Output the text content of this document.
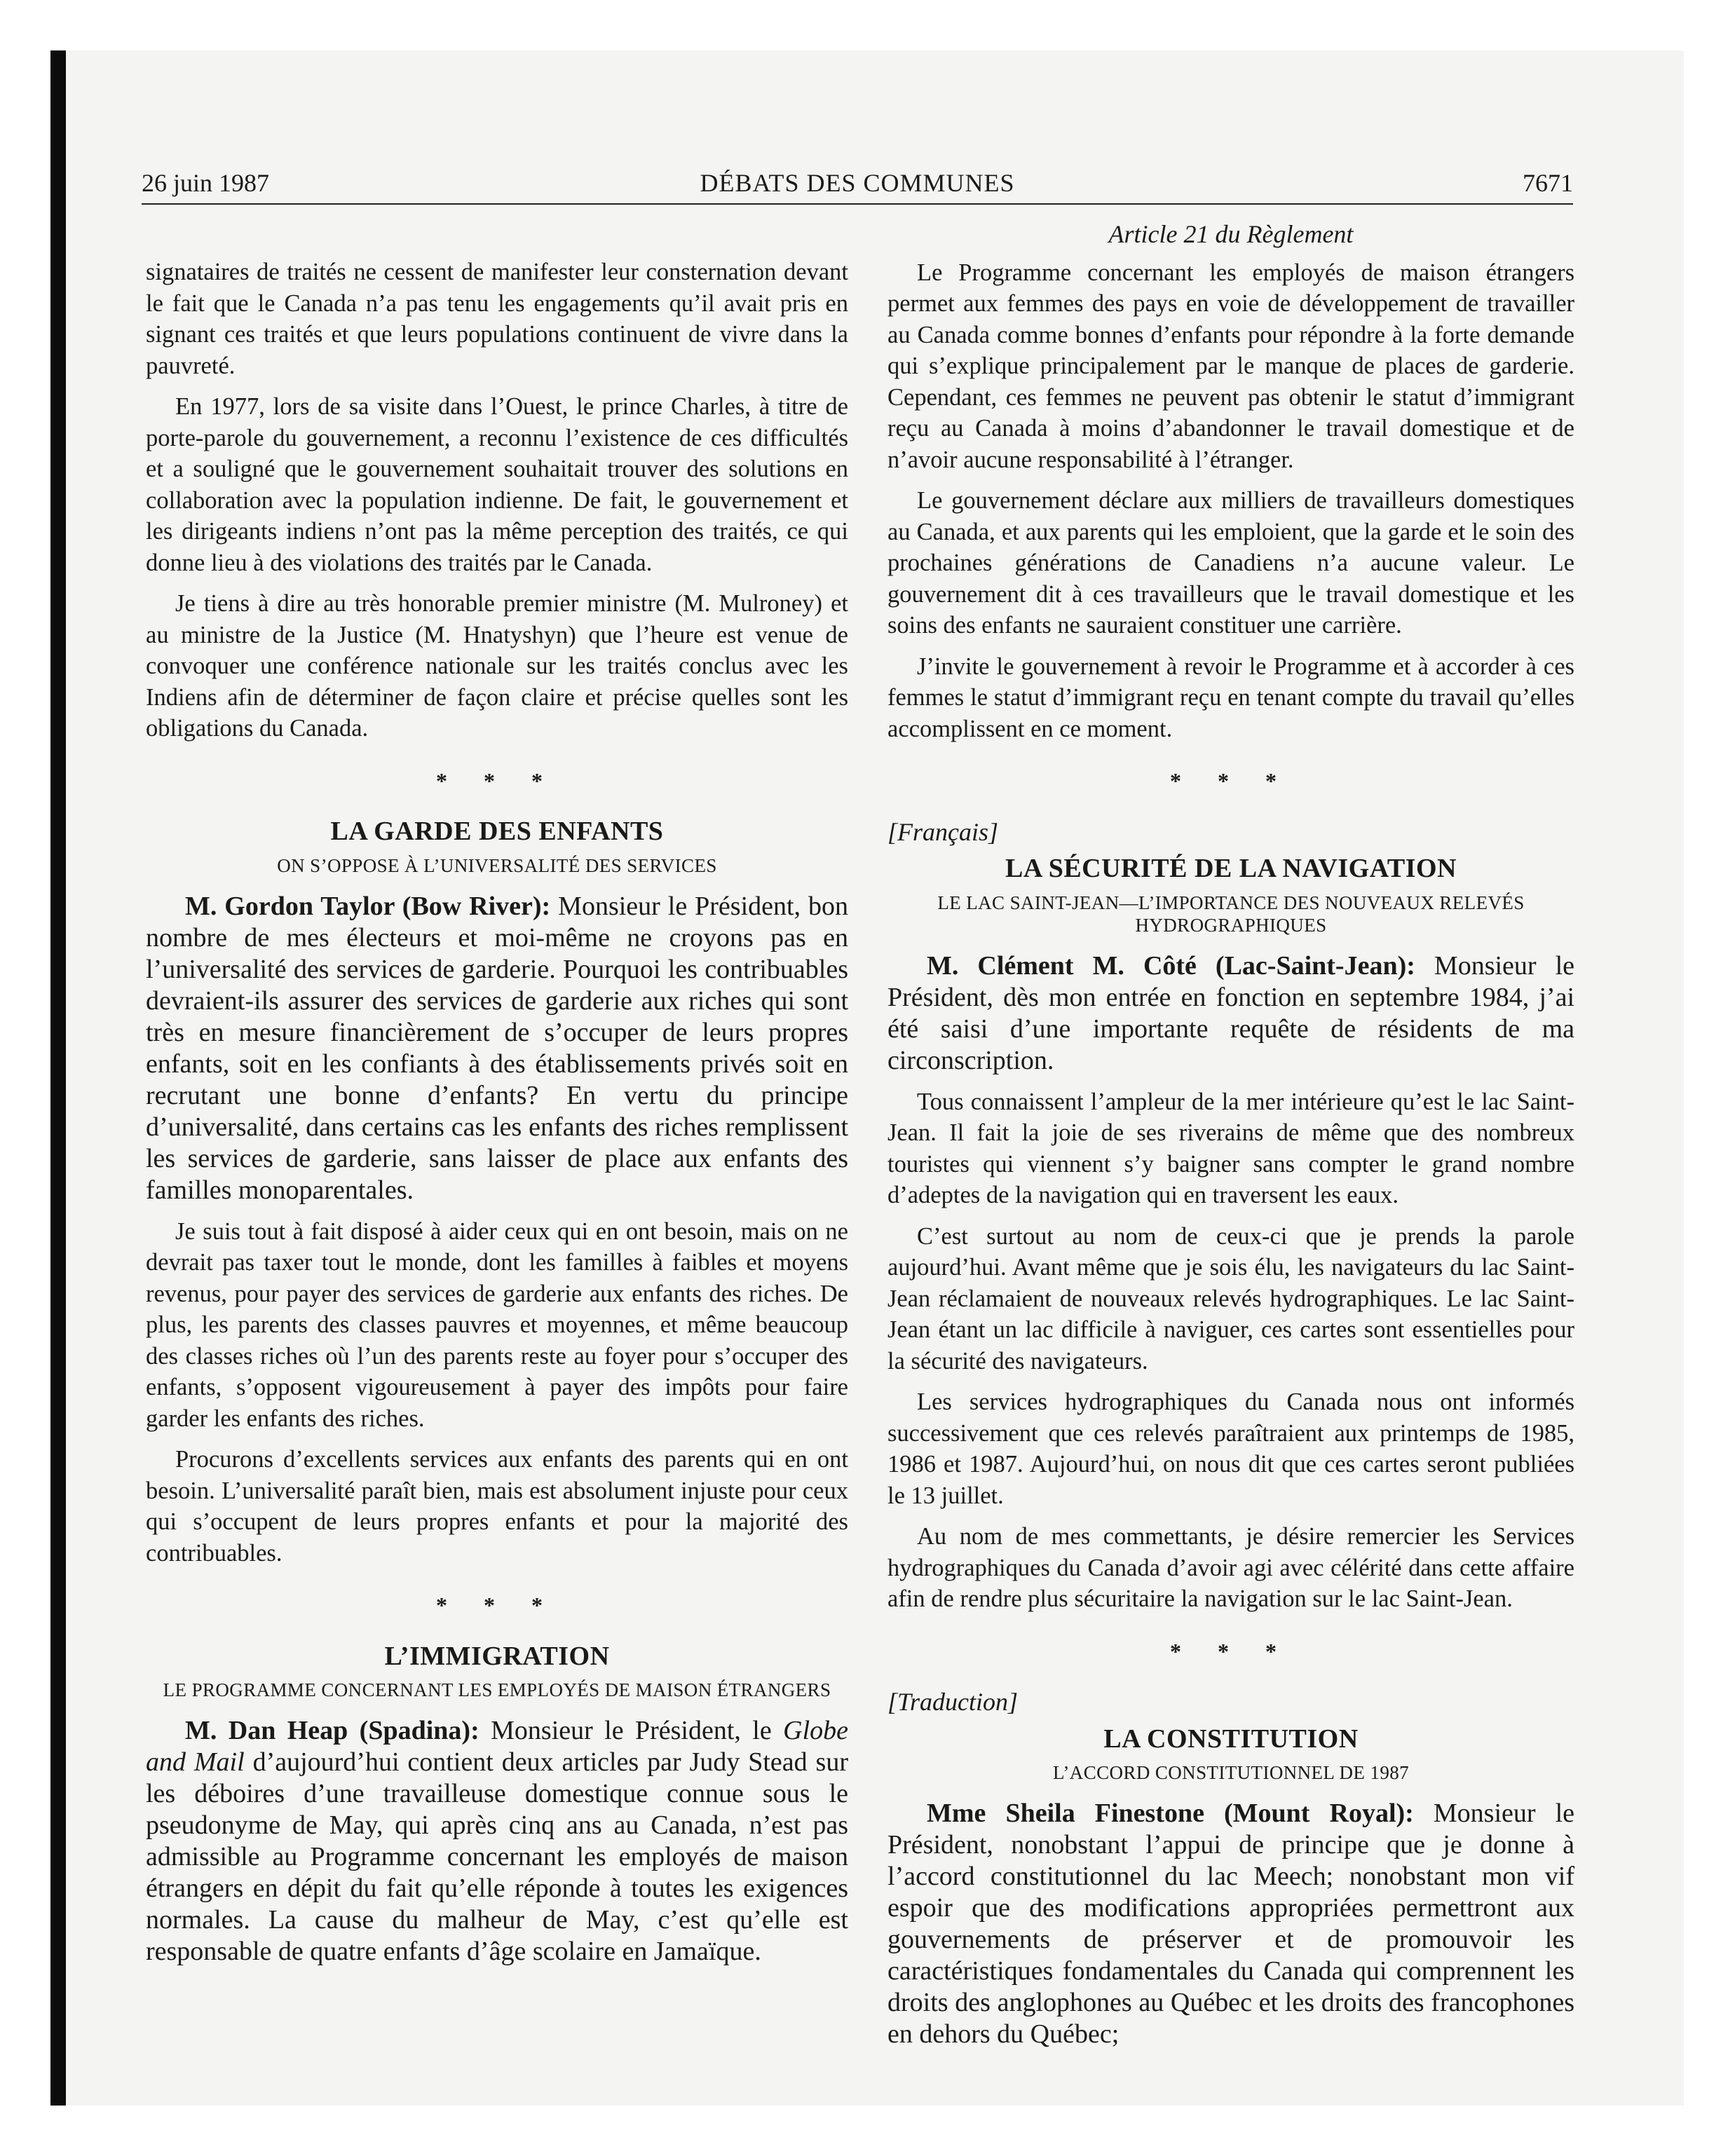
26 juin 1987	DÉBATS DES COMMUNES	7671

signataires de traités ne cessent de manifester leur consternation devant le fait que le Canada n’a pas tenu les engagements qu’il avait pris en signant ces traités et que leurs populations continuent de vivre dans la pauvreté.

En 1977, lors de sa visite dans l’Ouest, le prince Charles, à titre de porte-parole du gouvernement, a reconnu l’existence de ces difficultés et a souligné que le gouvernement souhaitait trouver des solutions en collaboration avec la population indienne. De fait, le gouvernement et les dirigeants indiens n’ont pas la même perception des traités, ce qui donne lieu à des violations des traités par le Canada.

Je tiens à dire au très honorable premier ministre (M. Mulroney) et au ministre de la Justice (M. Hnatyshyn) que l’heure est venue de convoquer une conférence nationale sur les traités conclus avec les Indiens afin de déterminer de façon claire et précise quelles sont les obligations du Canada.

* * *
LA GARDE DES ENFANTS
ON S’OPPOSE À L’UNIVERSALITÉ DES SERVICES

M. Gordon Taylor (Bow River): Monsieur le Président, bon nombre de mes électeurs et moi-même ne croyons pas en l’universalité des services de garderie. Pourquoi les contribuables devraient-ils assurer des services de garderie aux riches qui sont très en mesure financièrement de s’occuper de leurs propres enfants, soit en les confiants à des établissements privés soit en recrutant une bonne d’enfants? En vertu du principe d’universalité, dans certains cas les enfants des riches remplissent les services de garderie, sans laisser de place aux enfants des familles monoparentales.

Je suis tout à fait disposé à aider ceux qui en ont besoin, mais on ne devrait pas taxer tout le monde, dont les familles à faibles et moyens revenus, pour payer des services de garderie aux enfants des riches. De plus, les parents des classes pauvres et moyennes, et même beaucoup des classes riches où l’un des parents reste au foyer pour s’occuper des enfants, s’opposent vigoureusement à payer des impôts pour faire garder les enfants des riches.

Procurons d’excellents services aux enfants des parents qui en ont besoin. L’universalité paraît bien, mais est absolument injuste pour ceux qui s’occupent de leurs propres enfants et pour la majorité des contribuables.

* * *
L’IMMIGRATION
LE PROGRAMME CONCERNANT LES EMPLOYÉS DE MAISON ÉTRANGERS

M. Dan Heap (Spadina): Monsieur le Président, le Globe and Mail d’aujourd’hui contient deux articles par Judy Stead sur les déboires d’une travailleuse domestique connue sous le pseudonyme de May, qui après cinq ans au Canada, n’est pas admissible au Programme concernant les employés de maison étrangers en dépit du fait qu’elle réponde à toutes les exigences normales. La cause du malheur de May, c’est qu’elle est responsable de quatre enfants d’âge scolaire en Jamaïque.

Article 21 du Règlement

Le Programme concernant les employés de maison étrangers permet aux femmes des pays en voie de développement de travailler au Canada comme bonnes d’enfants pour répondre à la forte demande qui s’explique principalement par le manque de places de garderie. Cependant, ces femmes ne peuvent pas obtenir le statut d’immigrant reçu au Canada à moins d’abandonner le travail domestique et de n’avoir aucune responsabilité à l’étranger.

Le gouvernement déclare aux milliers de travailleurs domestiques au Canada, et aux parents qui les emploient, que la garde et le soin des prochaines générations de Canadiens n’a aucune valeur. Le gouvernement dit à ces travailleurs que le travail domestique et les soins des enfants ne sauraient constituer une carrière.

J’invite le gouvernement à revoir le Programme et à accorder à ces femmes le statut d’immigrant reçu en tenant compte du travail qu’elles accomplissent en ce moment.

* * *
[Français]
LA SÉCURITÉ DE LA NAVIGATION
LE LAC SAINT-JEAN—L’IMPORTANCE DES NOUVEAUX RELEVÉS HYDROGRAPHIQUES

M. Clément M. Côté (Lac-Saint-Jean): Monsieur le Président, dès mon entrée en fonction en septembre 1984, j’ai été saisi d’une importante requête de résidents de ma circonscription.

Tous connaissent l’ampleur de la mer intérieure qu’est le lac Saint-Jean. Il fait la joie de ses riverains de même que des nombreux touristes qui viennent s’y baigner sans compter le grand nombre d’adeptes de la navigation qui en traversent les eaux.

C’est surtout au nom de ceux-ci que je prends la parole aujourd’hui. Avant même que je sois élu, les navigateurs du lac Saint-Jean réclamaient de nouveaux relevés hydrographiques. Le lac Saint-Jean étant un lac difficile à naviguer, ces cartes sont essentielles pour la sécurité des navigateurs.

Les services hydrographiques du Canada nous ont informés successivement que ces relevés paraîtraient aux printemps de 1985, 1986 et 1987. Aujourd’hui, on nous dit que ces cartes seront publiées le 13 juillet.

Au nom de mes commettants, je désire remercier les Services hydrographiques du Canada d’avoir agi avec célérité dans cette affaire afin de rendre plus sécuritaire la navigation sur le lac Saint-Jean.

* * *
[Traduction]
LA CONSTITUTION
L’ACCORD CONSTITUTIONNEL DE 1987

Mme Sheila Finestone (Mount Royal): Monsieur le Président, nonobstant l’appui de principe que je donne à l’accord constitutionnel du lac Meech; nonobstant mon vif espoir que des modifications appropriées permettront aux gouvernements de préserver et de promouvoir les caractéristiques fondamentales du Canada qui comprennent les droits des anglophones au Québec et les droits des francophones en dehors du Québec;
